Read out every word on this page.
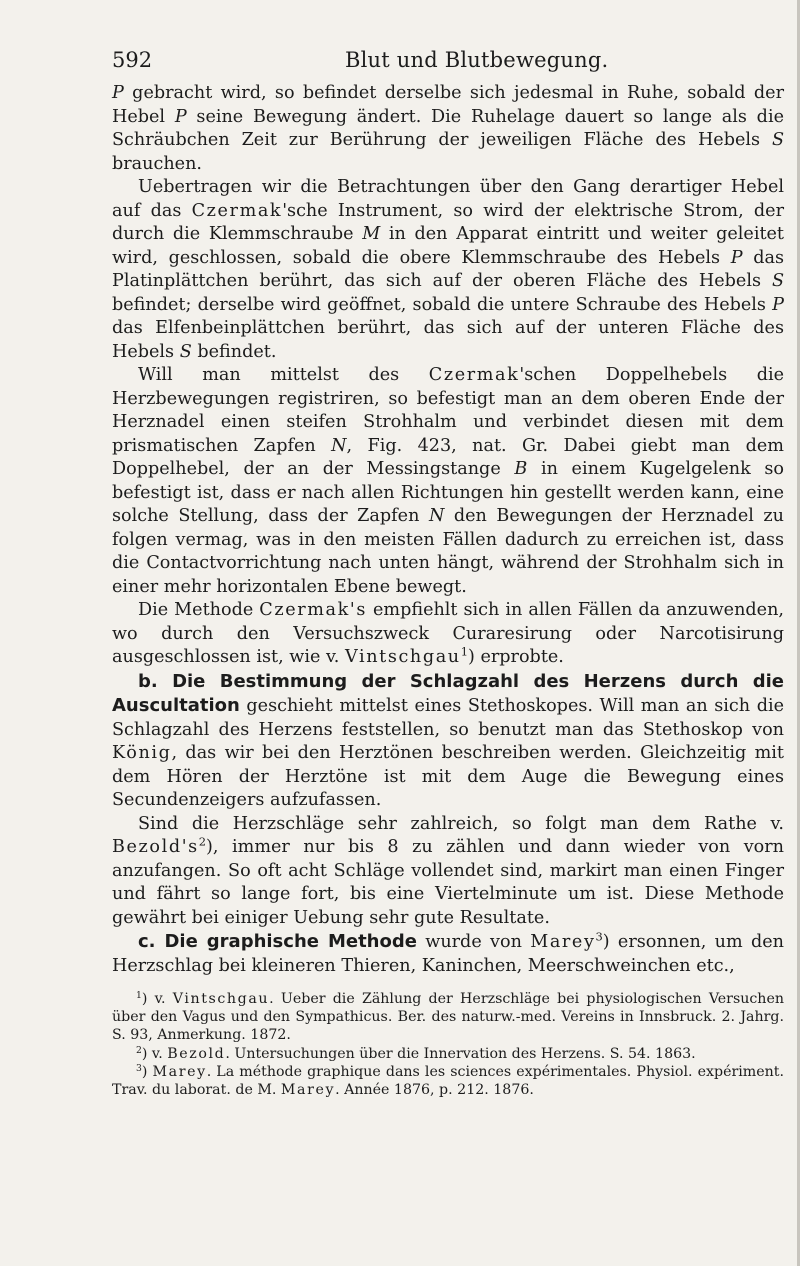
592	Blut und Blutbewegung.

P gebracht wird, so befindet derselbe sich jedesmal in Ruhe, sobald der Hebel P seine Bewegung ändert. Die Ruhelage dauert so lange als die Schräubchen Zeit zur Berührung der jeweiligen Fläche des Hebels S brauchen.

Uebertragen wir die Betrachtungen über den Gang derartiger Hebel auf das Czermak'sche Instrument, so wird der elektrische Strom, der durch die Klemmschraube M in den Apparat eintritt und weiter geleitet wird, geschlossen, sobald die obere Klemmschraube des Hebels P das Platinplättchen berührt, das sich auf der oberen Fläche des Hebels S befindet; derselbe wird geöffnet, sobald die untere Schraube des Hebels P das Elfenbeinplättchen berührt, das sich auf der unteren Fläche des Hebels S befindet.

Will man mittelst des Czermak'schen Doppelhebels die Herzbewegungen registriren, so befestigt man an dem oberen Ende der Herznadel einen steifen Strohhalm und verbindet diesen mit dem prismatischen Zapfen N, Fig. 423, nat. Gr. Dabei giebt man dem Doppelhebel, der an der Messingstange B in einem Kugelgelenk so befestigt ist, dass er nach allen Richtungen hin gestellt werden kann, eine solche Stellung, dass der Zapfen N den Bewegungen der Herznadel zu folgen vermag, was in den meisten Fällen dadurch zu erreichen ist, dass die Contactvorrichtung nach unten hängt, während der Strohhalm sich in einer mehr horizontalen Ebene bewegt.

Die Methode Czermak's empfiehlt sich in allen Fällen da anzuwenden, wo durch den Versuchszweck Curaresirung oder Narcotisirung ausgeschlossen ist, wie v. Vintschgau$^1$) erprobte.

b. Die Bestimmung der Schlagzahl des Herzens durch die Auscultation geschieht mittelst eines Stethoskopes. Will man an sich die Schlagzahl des Herzens feststellen, so benutzt man das Stethoskop von König, das wir bei den Herztönen beschreiben werden. Gleichzeitig mit dem Hören der Herztöne ist mit dem Auge die Bewegung eines Secundenzeigers aufzufassen.

Sind die Herzschläge sehr zahlreich, so folgt man dem Rathe v. $Bezold's^2$), immer nur bis 8 zu zählen und dann wieder von vorn anzufangen. So oft acht Schläge vollendet sind, markirt man einen Finger und fährt so lange fort, bis eine Viertelminute um ist. Diese Methode gewährt bei einiger Uebung sehr gute Resultate.

c. Die graphische Methode wurde von Marey$^3$) ersonnen, um den Herzschlag bei kleineren Thieren, Kaninchen, Meerschweinchen etc.,

$^1$) v. Vintschgau. Ueber die Zählung der Herzschläge bei physiologischen Versuchen über den Vagus und den Sympathicus. Ber. des naturw.-med. Vereins in Innsbruck. 2. Jahrg. S. 93, Anmerkung. 1872.

$^2$) v. Bezold. Untersuchungen über die Innervation des Herzens. S. 54. 1863.

$^3$) Marey. La méthode graphique dans les sciences expérimentales. Physiol. expériment. Trav. du laborat. de M. Marey. Année 1876, p. 212. 1876.
